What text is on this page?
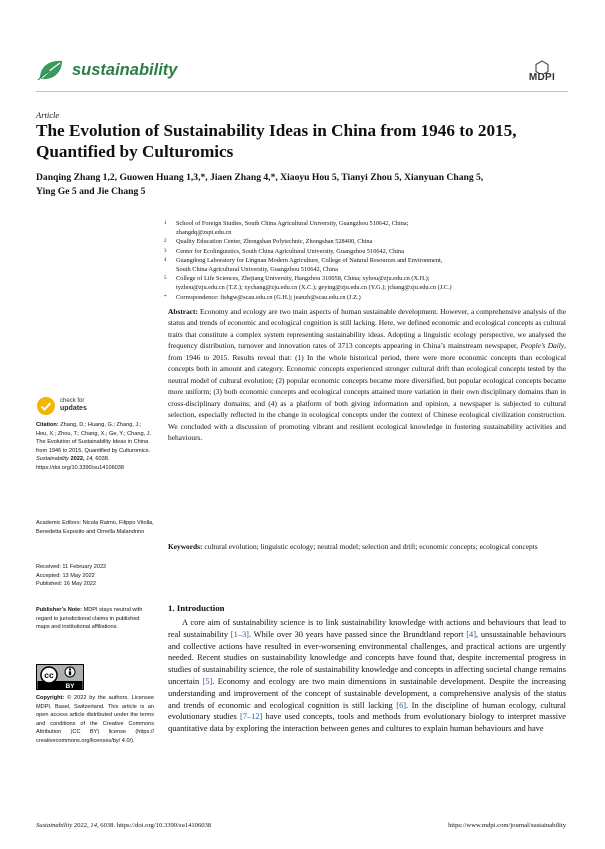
sustainability	MDPI
Article
The Evolution of Sustainability Ideas in China from 1946 to 2015, Quantified by Culturomics
Danqing Zhang 1,2, Guowen Huang 1,3,*, Jiaen Zhang 4,*, Xiaoyu Hou 5, Tianyi Zhou 5, Xianyuan Chang 5,
Ying Ge 5 and Jie Chang 5
1 School of Foreign Studies, South China Agricultural University, Guangzhou 510642, China;
zhangdq@zspt.edu.cn
2 Quality Education Center, Zhongshan Polytechnic, Zhongshan 528400, China
3 Center for Ecolinguistics, South China Agricultural University, Guangzhou 510642, China
4 Guangdong Laboratory for Lingnan Modern Agriculture, College of Natural Resources and Environment,
South China Agricultural University, Guangzhou 510642, China
5 College of Life Sciences, Zhejiang University, Hangzhou 310058, China; xyhou@zju.edu.cn (X.H.);
tyzhou@zju.edu.cn (T.Z.); xychang@zju.edu.cn (X.C.); geying@zju.edu.cn (Y.G.); jchang@zju.edu.cn (J.C.)
* Correspondence: fishgw@scau.edu.cn (G.H.); jeanzh@scau.edu.cn (J.Z.)
Abstract: Economy and ecology are two main aspects of human sustainable development. However, a comprehensive analysis of the status and trends of economic and ecological cognition is still lacking. Here, we defined economic and ecological concepts as cultural traits that constitute a complex system representing sustainability ideas. Adopting a linguistic ecology perspective, we analysed the frequency distribution, turnover and innovation rates of 3713 concepts appearing in China’s mainstream newspaper, People’s Daily, from 1946 to 2015. Results reveal that: (1) In the whole historical period, there were more economic concepts than ecological concepts both in amount and category. Economic concepts experienced stronger cultural drift than ecological concepts tested by the neutral model of cultural evolution; (2) popular economic concepts became more diversified, but popular ecological concepts became more uniform; (3) both economic concepts and ecological concepts attained more variation in their own disciplinary domains than in cross-disciplinary domains; and (4) as a platform of both giving information and opinion, a newspaper is subjected to cultural selection, especially reflected in the change in ecological concepts under the context of Chinese ecological civilization construction. We concluded with a discussion of promoting vibrant and resilient ecological knowledge in fostering sustainability activities and behaviours.
Keywords: cultural evolution; linguistic ecology; neutral model; selection and drift; economic concepts; ecological concepts
check for
updates
Citation: Zhang, D.; Huang, G.; Zhang, J.; Hou, X.; Zhou, T.; Chang, X.; Ge, Y.; Chang, J. The Evolution of Sustainability Ideas in China from 1946 to 2015, Quantified by Culturomics. Sustainability 2022, 14, 6038. https://doi.org/10.3390/su14106038
Academic Editors: Nicola Raimo, Filippo Vitolla, Benedetta Esposito and Ornella Malandrino
Received: 11 February 2022
Accepted: 13 May 2022
Published: 16 May 2022
Publisher’s Note: MDPI stays neutral with regard to jurisdictional claims in published maps and institutional affiliations.
cc
BY
Copyright: © 2022 by the authors. Licensee MDPI, Basel, Switzerland. This article is an open access article distributed under the terms and conditions of the Creative Commons Attribution (CC BY) license (https:// creativecommons.org/licenses/by/ 4.0/).
1. Introduction
A core aim of sustainability science is to link sustainability knowledge with actions and behaviours that lead to real sustainability [1–3]. While over 30 years have passed since the Brundtland report [4], unsustainable behaviours and collective actions have resulted in ever-worsening environmental challenges, and practical actions are urgently needed. Recent studies on sustainability knowledge and concepts have found that, despite incremental progress in studies of sustainability science, the role of sustainability knowledge and concepts in affecting societal change remains uncertain [5]. Economy and ecology are two main dimensions in sustainable development. Despite the increasing understanding and improvement of the concept of sustainable development, a comprehensive analysis of the status and trends of economic and ecological cognition is still lacking [6]. In the discipline of human ecology, cultural evolutionary studies [7–12] have used concepts, tools and methods from evolutionary biology to interpret massive quantitative data by exploring the interaction between genes and cultures to explain human behaviours and have
Sustainability 2022, 14, 6038. https://doi.org/10.3390/su14106038	https://www.mdpi.com/journal/sustainability
